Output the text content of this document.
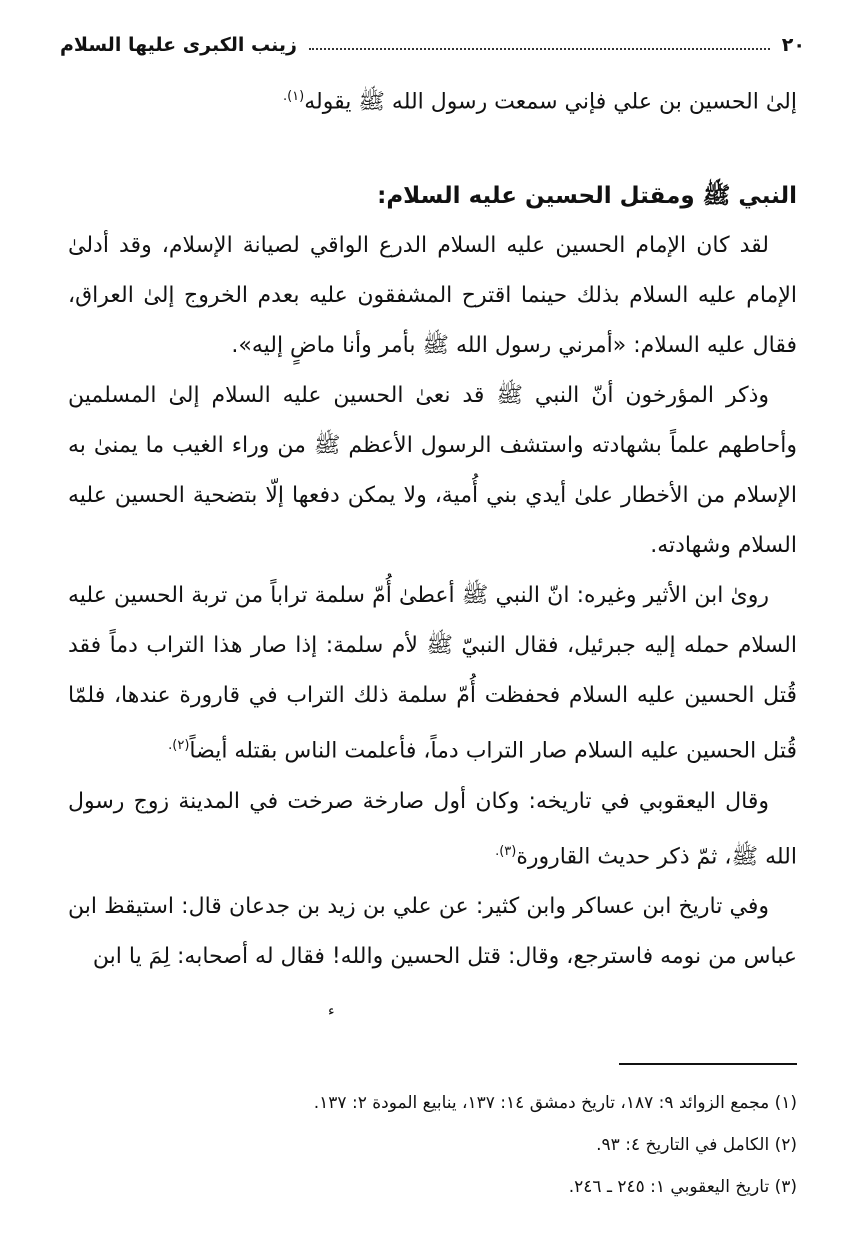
٢٠
زينب الكبرى عليها السلام

إلىٰ الحسين بن علي فإني سمعت رسول الله ﷺ يقوله$^{(١).}$

النبي ﷺ ومقتل الحسين عليه السلام:

لقد كان الإمام الحسين عليه السلام الدرع الواقي لصيانة الإسلام، وقد أدلىٰ الإمام عليه السلام بذلك حينما اقترح المشفقون عليه بعدم الخروج إلىٰ العراق، فقال عليه السلام: «أمرني رسول الله ﷺ بأمر وأنا ماضٍ إليه».

وذكر المؤرخون أنّ النبي ﷺ قد نعىٰ الحسين عليه السلام إلىٰ المسلمين وأحاطهم علماً بشهادته واستشف الرسول الأعظم ﷺ من وراء الغيب ما يمنىٰ به الإسلام من الأخطار علىٰ أيدي بني أُمية، ولا يمكن دفعها إلّا بتضحية الحسين عليه السلام وشهادته.

روىٰ ابن الأثير وغيره: انّ النبي ﷺ أعطىٰ أُمّ سلمة تراباً من تربة الحسين عليه السلام حمله إليه جبرئيل، فقال النبيّ ﷺ لأم سلمة: إذا صار هذا التراب دماً فقد قُتل الحسين عليه السلام فحفظت أُمّ سلمة ذلك التراب في قارورة عندها، فلمّا قُتل الحسين عليه السلام صار التراب دماً، فأعلمت الناس بقتله أيضاً$^{(٢).}$

وقال اليعقوبي في تاريخه: وكان أول صارخة صرخت في المدينة زوج رسول الله ﷺ، ثمّ ذكر حديث القارورة$^{(٣).}$

وفي تاريخ ابن عساكر وابن كثير: عن علي بن زيد بن جدعان قال: استيقظ ابن عباس من نومه فاسترجع، وقال: قتل الحسين والله! فقال له أصحابه: لِمَ يا ابن

ء

(١) مجمع الزوائد ٩: ١٨٧، تاريخ دمشق ١٤: ١٣٧، ينابيع المودة ٢: ١٣٧.

(٢) الكامل في التاريخ ٤: ٩٣.

(٣) تاريخ اليعقوبي ١: ٢٤٥ ـ ٢٤٦.
